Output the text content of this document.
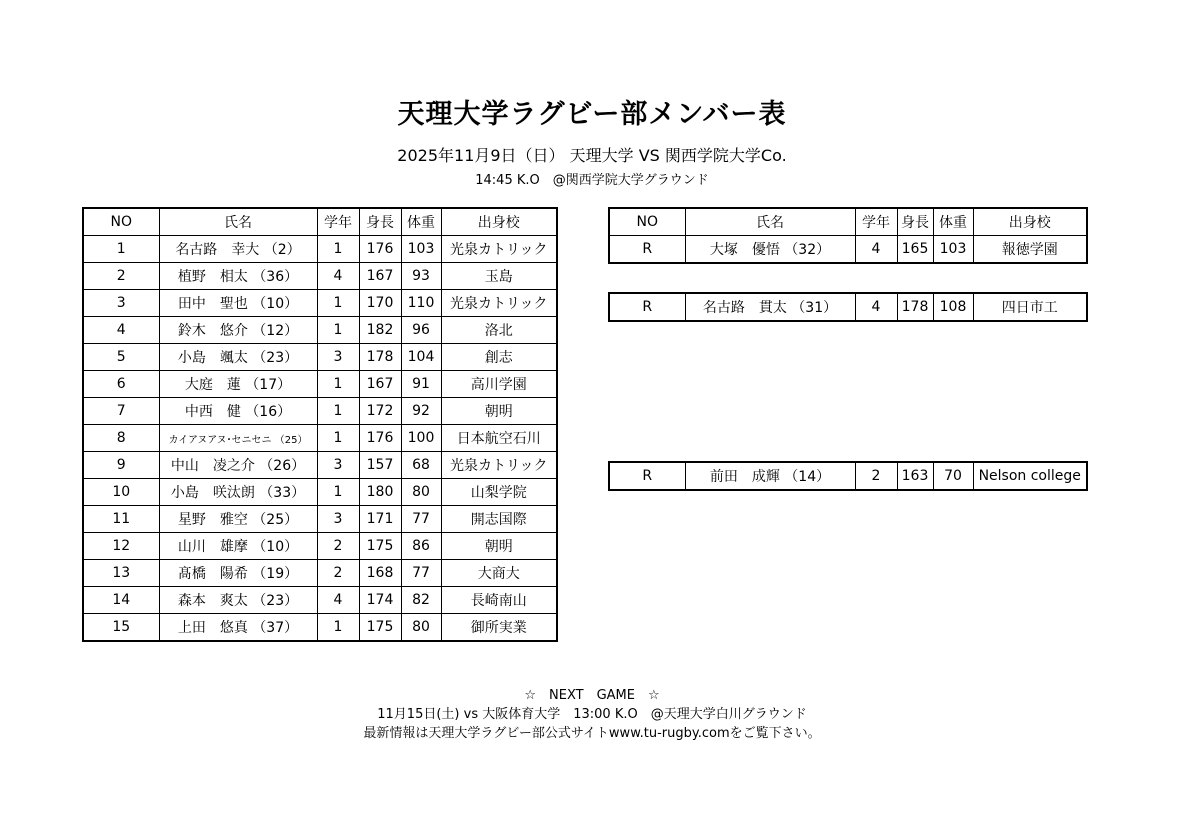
天理大学ラグビー部メンバー表
2025年11月9日（日） 天理大学 VS 関西学院大学Co.
14:45 K.O　@関西学院大学グラウンド
NO	氏名	学年	身長	体重	出身校
1	名古路　幸大 （2）	1	176	103	光泉カトリック
2	植野　相太 （36）	4	167	93	玉島
3	田中　聖也 （10）	1	170	110	光泉カトリック
4	鈴木　悠介 （12）	1	182	96	洛北
5	小島　颯太 （23）	3	178	104	創志
6	大庭　蓮 （17）	1	167	91	高川学園
7	中西　健 （16）	1	172	92	朝明
8	カイアヌアヌ･セニセニ （25）	1	176	100	日本航空石川
9	中山　凌之介 （26）	3	157	68	光泉カトリック
10	小島　咲汰朗 （33）	1	180	80	山梨学院
11	星野　雅空 （25）	3	171	77	開志国際
12	山川　雄摩 （10）	2	175	86	朝明
13	髙橋　陽希 （19）	2	168	77	大商大
14	森本　爽太 （23）	4	174	82	長崎南山
15	上田　悠真 （37）	1	175	80	御所実業
NO	氏名	学年	身長	体重	出身校
R	大塚　優悟 （32）	4	165	103	報徳学園
R	名古路　貫太 （31）	4	178	108	四日市工
R	前田　成輝 （14）	2	163	70	Nelson college
☆　NEXT　GAME　☆
11月15日(土) vs 大阪体育大学　13:00 K.O　@天理大学白川グラウンド
最新情報は天理大学ラグビー部公式サイトwww.tu-rugby.comをご覧下さい。
